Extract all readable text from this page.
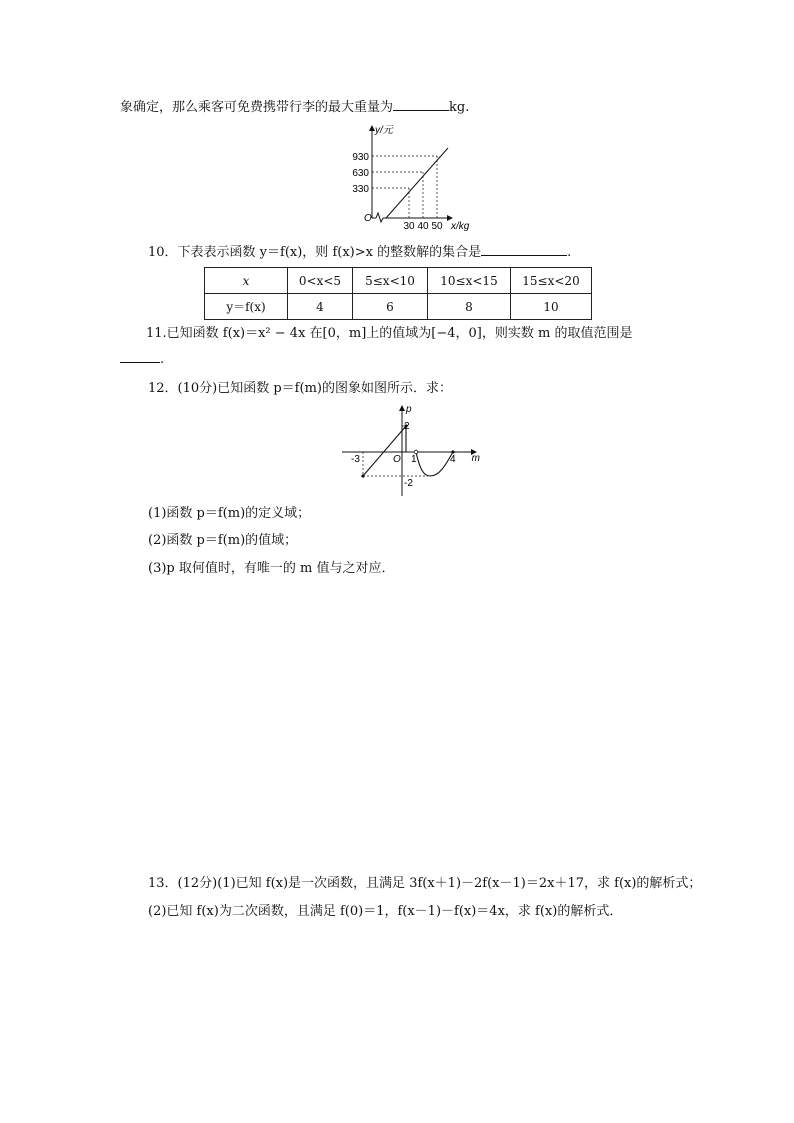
象确定，那么乘客可免费携带行李的最大重量为	kg.
y/元
930
630
330
O
30 40 50 x/kg
10．下表表示函数 y＝f(x)，则 f(x)>x 的整数解的集合是	.
x	0<x<5	5≤x<10	10≤x<15	15≤x<20
y＝f(x)	4	6	8	10
11.已知函数 f(x)＝x² − 4x 在[0，m]上的值域为[−4，0]，则实数 m 的取值范围是
.
12．(10分)已知函数 p＝f(m)的图象如图所示．求：
p
m
2
-3	O 1	4
-2
(1)函数 p＝f(m)的定义域；
(2)函数 p＝f(m)的值域；
(3)p 取何值时，有唯一的 m 值与之对应．
13．(12分)(1)已知 f(x)是一次函数，且满足 3f(x＋1)－2f(x－1)＝2x＋17，求 f(x)的解析式；
(2)已知 f(x)为二次函数，且满足 f(0)＝1，f(x－1)－f(x)＝4x，求 f(x)的解析式．
